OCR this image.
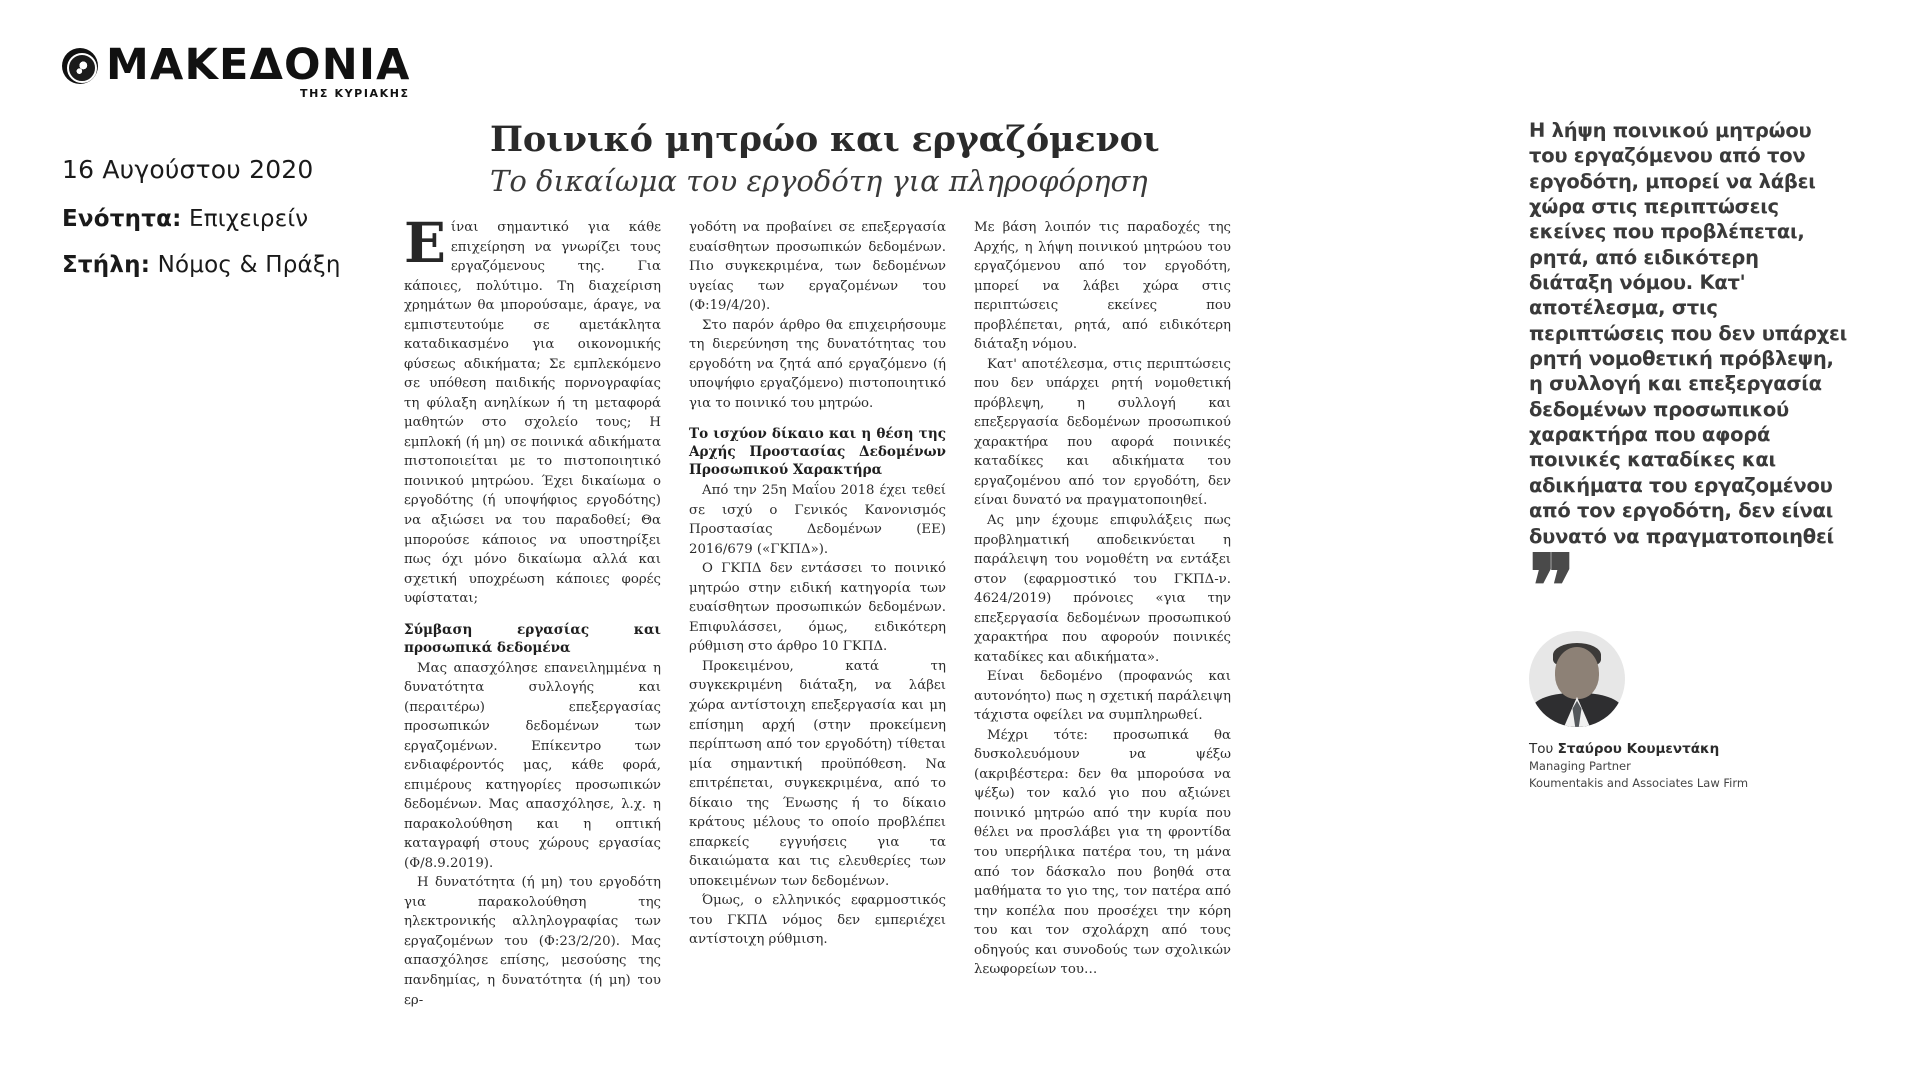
ΜΑΚΕΔΟΝΙΑ
ΤΗΣ ΚΥΡΙΑΚΗΣ
16 Αυγούστου 2020
Ενότητα: Επιχειρείν
Στήλη: Νόμος & Πράξη
Ποινικό μητρώο και εργαζόμενοι
Το δικαίωμα του εργοδότη για πληροφόρηση

Είναι σημαντικό για κάθε επιχείρηση να γνωρίζει τους εργαζόμενους της. Για κάποιες, πολύτιμο. Τη διαχείριση χρημάτων θα μπορούσαμε, άραγε, να εμπιστευτούμε σε αμετάκλητα καταδικασμένο για οικονομικής φύσεως αδικήματα; Σε εμπλεκόμενο σε υπόθεση παιδικής πορνογραφίας τη φύλαξη ανηλίκων ή τη μεταφορά μαθητών στο σχολείο τους; Η εμπλοκή (ή μη) σε ποινικά αδικήματα πιστοποιείται με το πιστοποιητικό ποινικού μητρώου. Έχει δικαίωμα ο εργοδότης (ή υποψήφιος εργοδότης) να αξιώσει να του παραδοθεί; Θα μπορούσε κάποιος να υποστηρίξει πως όχι μόνο δικαίωμα αλλά και σχετική υποχρέωση κάποιες φορές υφίσταται;

Σύμβαση εργασίας και προσωπικά δεδομένα

Μας απασχόλησε επανειλημμένα η δυνατότητα συλλογής και (περαιτέρω) επεξεργασίας προσωπικών δεδομένων των εργαζομένων. Επίκεντρο των ενδιαφέροντός μας, κάθε φορά, επιμέρους κατηγορίες προσωπικών δεδομένων. Μας απασχόλησε, λ.χ. η παρακολούθηση και η οπτική καταγραφή στους χώρους εργασίας (Φ/8.9.2019).

Η δυνατότητα (ή μη) του εργοδότη για παρακολούθηση της ηλεκτρονικής αλληλογραφίας των εργαζομένων του (Φ:23/2/20). Μας απασχόλησε επίσης, μεσούσης της πανδημίας, η δυνατότητα (ή μη) του ερ-

γοδότη να προβαίνει σε επεξεργασία ευαίσθητων προσωπικών δεδομένων. Πιο συγκεκριμένα, των δεδομένων υγείας των εργαζομένων του (Φ:19/4/20).

Στο παρόν άρθρο θα επιχειρήσουμε τη διερεύνηση της δυνατότητας του εργοδότη να ζητά από εργαζόμενο (ή υποψήφιο εργαζόμενο) πιστοποιητικό για το ποινικό του μητρώο.

Το ισχύον δίκαιο και η θέση της Αρχής Προστασίας Δεδομένων Προσωπικού Χαρακτήρα

Από την 25η Μαΐου 2018 έχει τεθεί σε ισχύ ο Γενικός Κανονισμός Προστασίας Δεδομένων (ΕΕ) 2016/679 («ΓΚΠΔ»).

Ο ΓΚΠΔ δεν εντάσσει το ποινικό μητρώο στην ειδική κατηγορία των ευαίσθητων προσωπικών δεδομένων. Επιφυλάσσει, όμως, ειδικότερη ρύθμιση στο άρθρο 10 ΓΚΠΔ.

Προκειμένου, κατά τη συγκεκριμένη διάταξη, να λάβει χώρα αντίστοιχη επεξεργασία και μη επίσημη αρχή (στην προκείμενη περίπτωση από τον εργοδότη) τίθεται μία σημαντική προϋπόθεση. Να επιτρέπεται, συγκεκριμένα, από το δίκαιο της Ένωσης ή το δίκαιο κράτους μέλους το οποίο προβλέπει επαρκείς εγγυήσεις για τα δικαιώματα και τις ελευθερίες των υποκειμένων των δεδομένων.

Όμως, ο ελληνικός εφαρμοστικός του ΓΚΠΔ νόμος δεν εμπεριέχει αντίστοιχη ρύθμιση.

Με βάση λοιπόν τις παραδοχές της Αρχής, η λήψη ποινικού μητρώου του εργαζόμενου από τον εργοδότη, μπορεί να λάβει χώρα στις περιπτώσεις εκείνες που προβλέπεται, ρητά, από ειδικότερη διάταξη νόμου.

Κατ' αποτέλεσμα, στις περιπτώσεις που δεν υπάρχει ρητή νομοθετική πρόβλεψη, η συλλογή και επεξεργασία δεδομένων προσωπικού χαρακτήρα που αφορά ποινικές καταδίκες και αδικήματα του εργαζομένου από τον εργοδότη, δεν είναι δυνατό να πραγματοποιηθεί.

Ας μην έχουμε επιφυλάξεις πως προβληματική αποδεικνύεται η παράλειψη του νομοθέτη να εντάξει στον (εφαρμοστικό του ΓΚΠΔ-ν. 4624/2019) πρόνοιες «για την επεξεργασία δεδομένων προσωπικού χαρακτήρα που αφορούν ποινικές καταδίκες και αδικήματα».

Είναι δεδομένο (προφανώς και αυτονόητο) πως η σχετική παράλειψη τάχιστα οφείλει να συμπληρωθεί.

Μέχρι τότε: προσωπικά θα δυσκολευόμουν να ψέξω (ακριβέστερα: δεν θα μπορούσα να ψέξω) τον καλό γιο που αξιώνει ποινικό μητρώο από την κυρία που θέλει να προσλάβει για τη φροντίδα του υπερήλικα πατέρα του, τη μάνα από τον δάσκαλο που βοηθά στα μαθήματα το γιο της, τον πατέρα από την κοπέλα που προσέχει την κόρη του και τον σχολάρχη από τους οδηγούς και συνοδούς των σχολικών λεωφορείων του…

Η λήψη ποινικού μητρώου του εργαζόμενου από τον εργοδότη, μπορεί να λάβει χώρα στις περιπτώσεις εκείνες που προβλέπεται, ρητά, από ειδικότερη διάταξη νόμου. Κατ' αποτέλεσμα, στις περιπτώσεις που δεν υπάρχει ρητή νομοθετική πρόβλεψη, η συλλογή και επεξεργασία δεδομένων προσωπικού χαρακτήρα που αφορά ποινικές καταδίκες και αδικήματα του εργαζομένου από τον εργοδότη, δεν είναι δυνατό να πραγματοποιηθεί
❞
Του Σταύρου Κουμεντάκη
Managing Partner
Koumentakis and Associates Law Firm
